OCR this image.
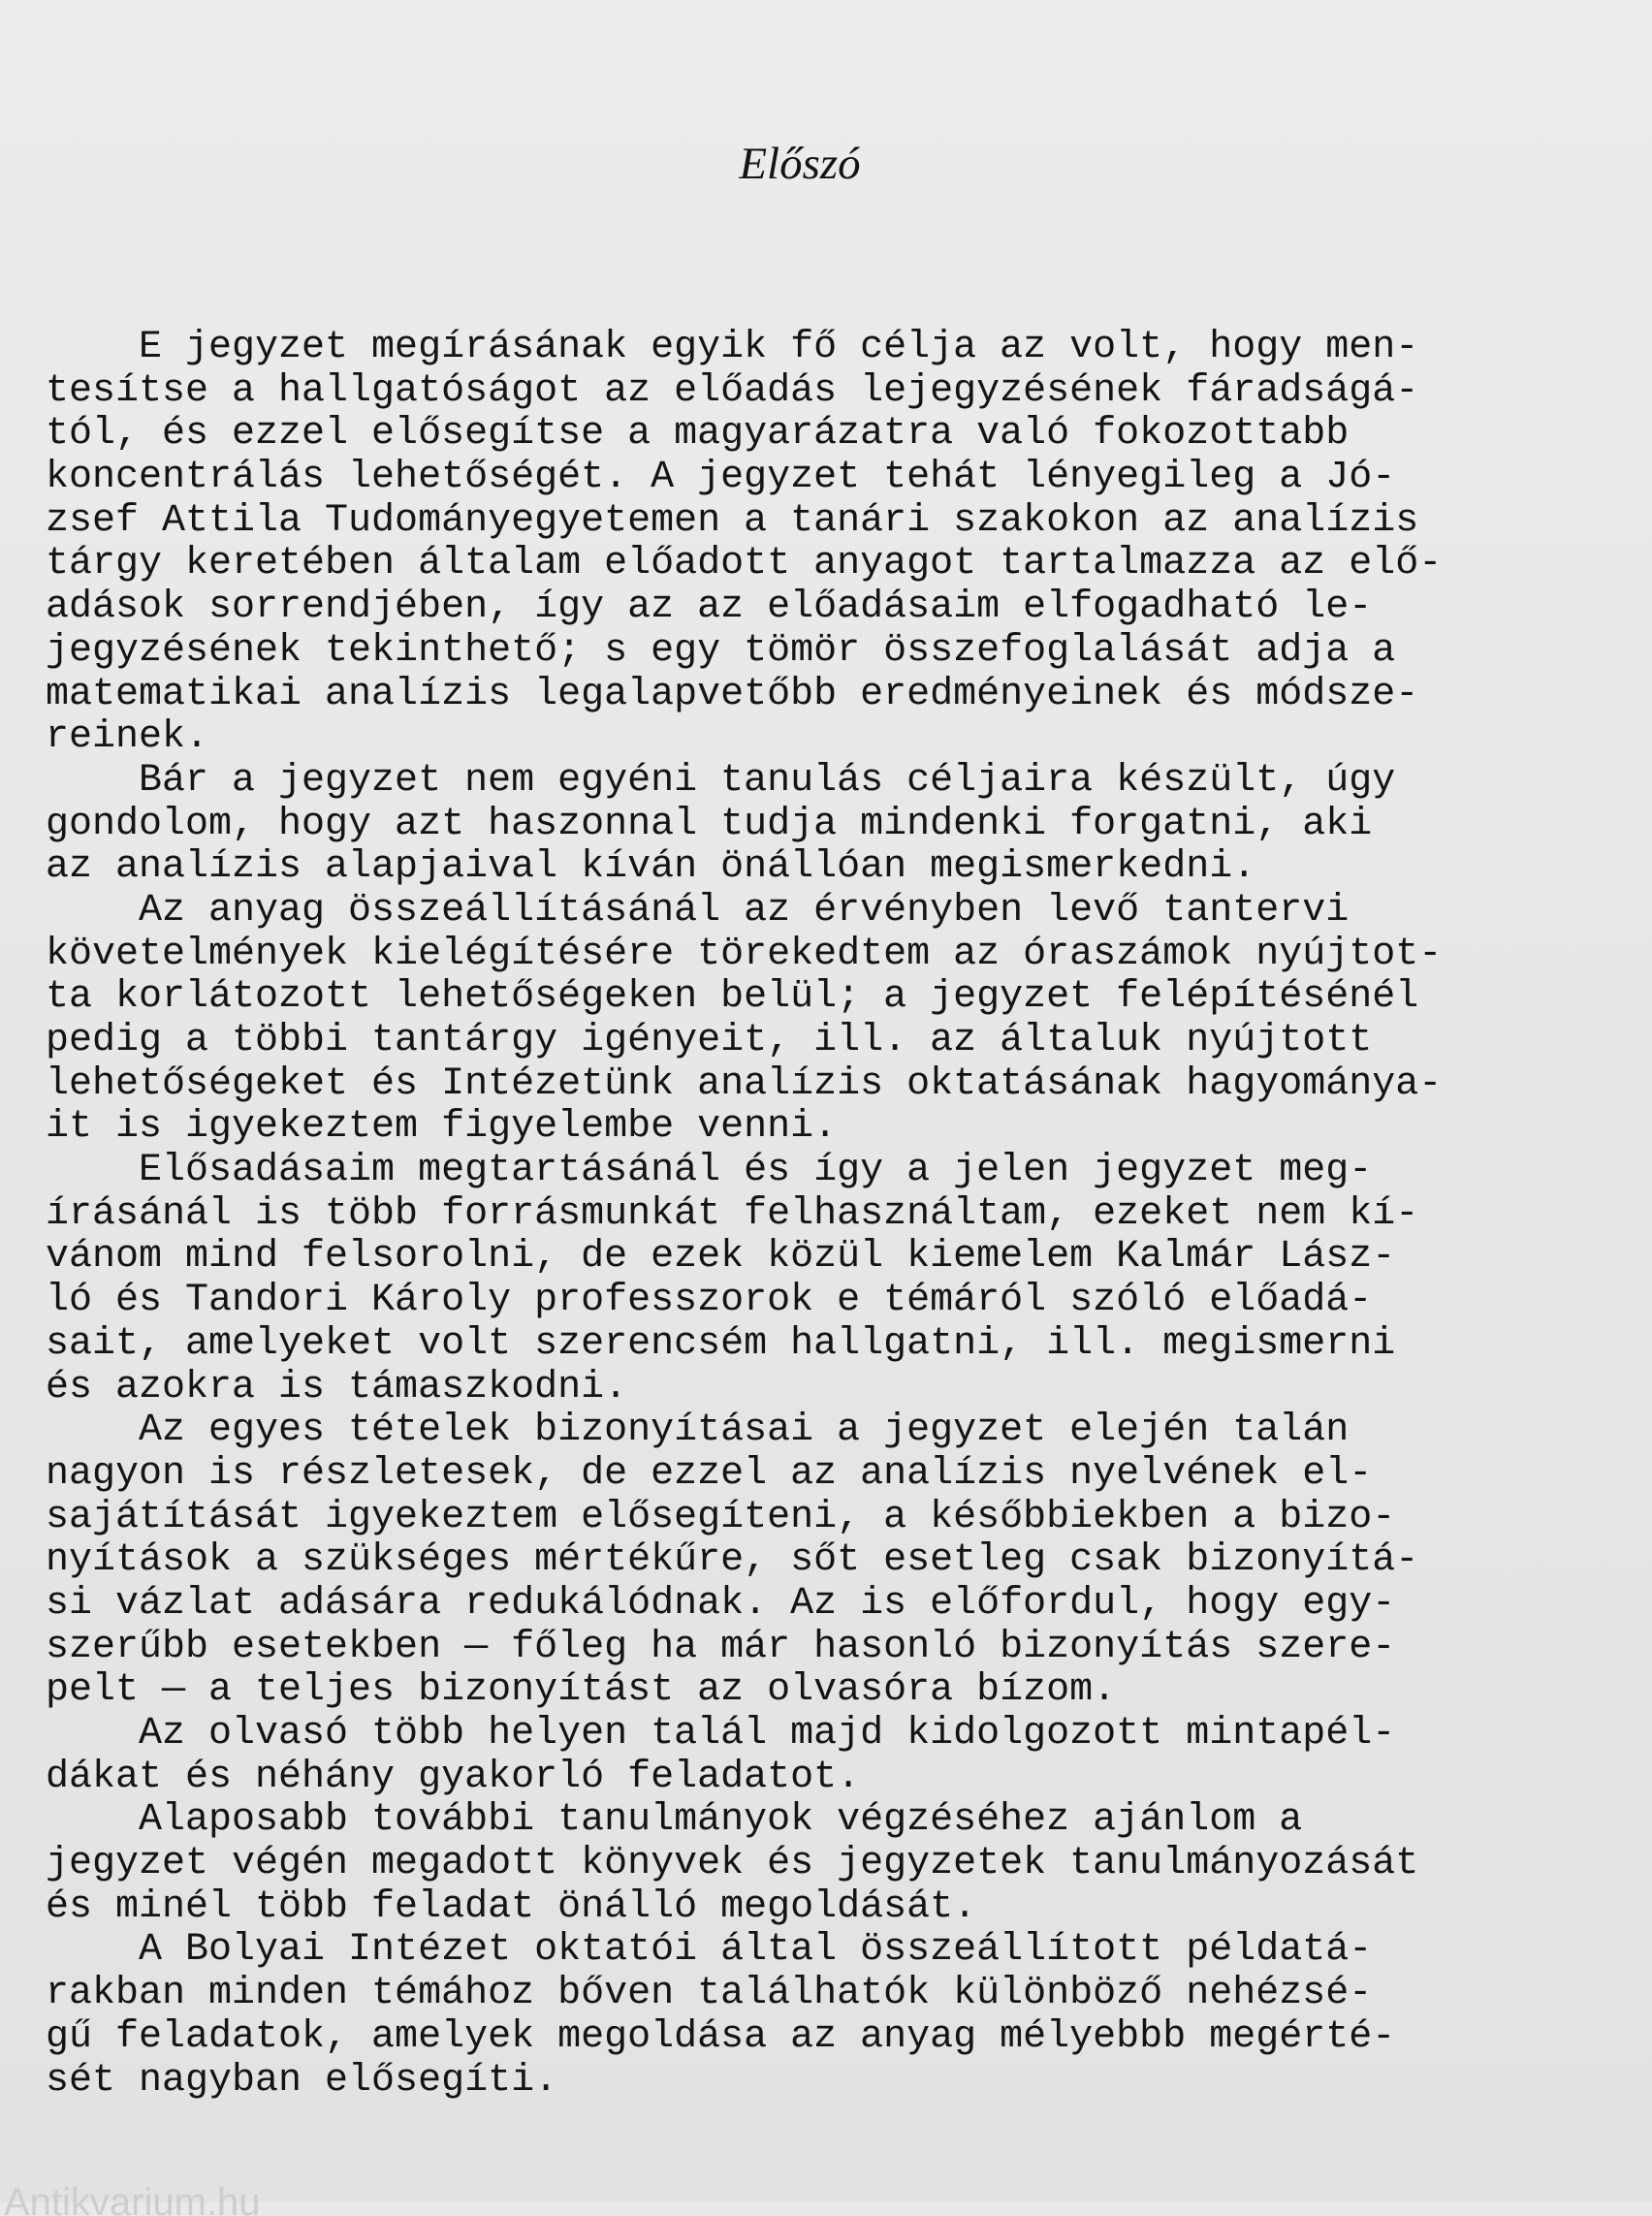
Előszó
E jegyzet megírásának egyik fő célja az volt, hogy men-
tesítse a hallgatóságot az előadás lejegyzésének fáradságá-
tól, és ezzel elősegítse a magyarázatra való fokozottabb
koncentrálás lehetőségét. A jegyzet tehát lényegileg a Jó-
zsef Attila Tudományegyetemen a tanári szakokon az analízis
tárgy keretében általam előadott anyagot tartalmazza az elő-
adások sorrendjében, így az az előadásaim elfogadható le-
jegyzésének tekinthető; s egy tömör összefoglalását adja a
matematikai analízis legalapvetőbb eredményeinek és módsze-
reinek.
Bár a jegyzet nem egyéni tanulás céljaira készült, úgy
gondolom, hogy azt haszonnal tudja mindenki forgatni, aki
az analízis alapjaival kíván önállóan megismerkedni.
Az anyag összeállításánál az érvényben levő tantervi
követelmények kielégítésére törekedtem az óraszámok nyújtot-
ta korlátozott lehetőségeken belül; a jegyzet felépítésénél
pedig a többi tantárgy igényeit, ill. az általuk nyújtott
lehetőségeket és Intézetünk analízis oktatásának hagyománya-
it is igyekeztem figyelembe venni.
Elősadásaim megtartásánál és így a jelen jegyzet meg-
írásánál is több forrásmunkát felhasználtam, ezeket nem kí-
vánom mind felsorolni, de ezek közül kiemelem Kalmár Lász-
ló és Tandori Károly professzorok e témáról szóló előadá-
sait, amelyeket volt szerencsém hallgatni, ill. megismerni
és azokra is támaszkodni.
Az egyes tételek bizonyításai a jegyzet elején talán
nagyon is részletesek, de ezzel az analízis nyelvének el-
sajátítását igyekeztem elősegíteni, a későbbiekben a bizo-
nyítások a szükséges mértékűre, sőt esetleg csak bizonyítá-
si vázlat adására redukálódnak. Az is előfordul, hogy egy-
szerűbb esetekben — főleg ha már hasonló bizonyítás szere-
pelt — a teljes bizonyítást az olvasóra bízom.
Az olvasó több helyen talál majd kidolgozott mintapél-
dákat és néhány gyakorló feladatot.
Alaposabb további tanulmányok végzéséhez ajánlom a
jegyzet végén megadott könyvek és jegyzetek tanulmányozását
és minél több feladat önálló megoldását.
A Bolyai Intézet oktatói által összeállított példatá-
rakban minden témához bőven találhatók különböző nehézsé-
gű feladatok, amelyek megoldása az anyag mélyebbb megérté-
sét nagyban elősegíti.
Antikvarium.hu
